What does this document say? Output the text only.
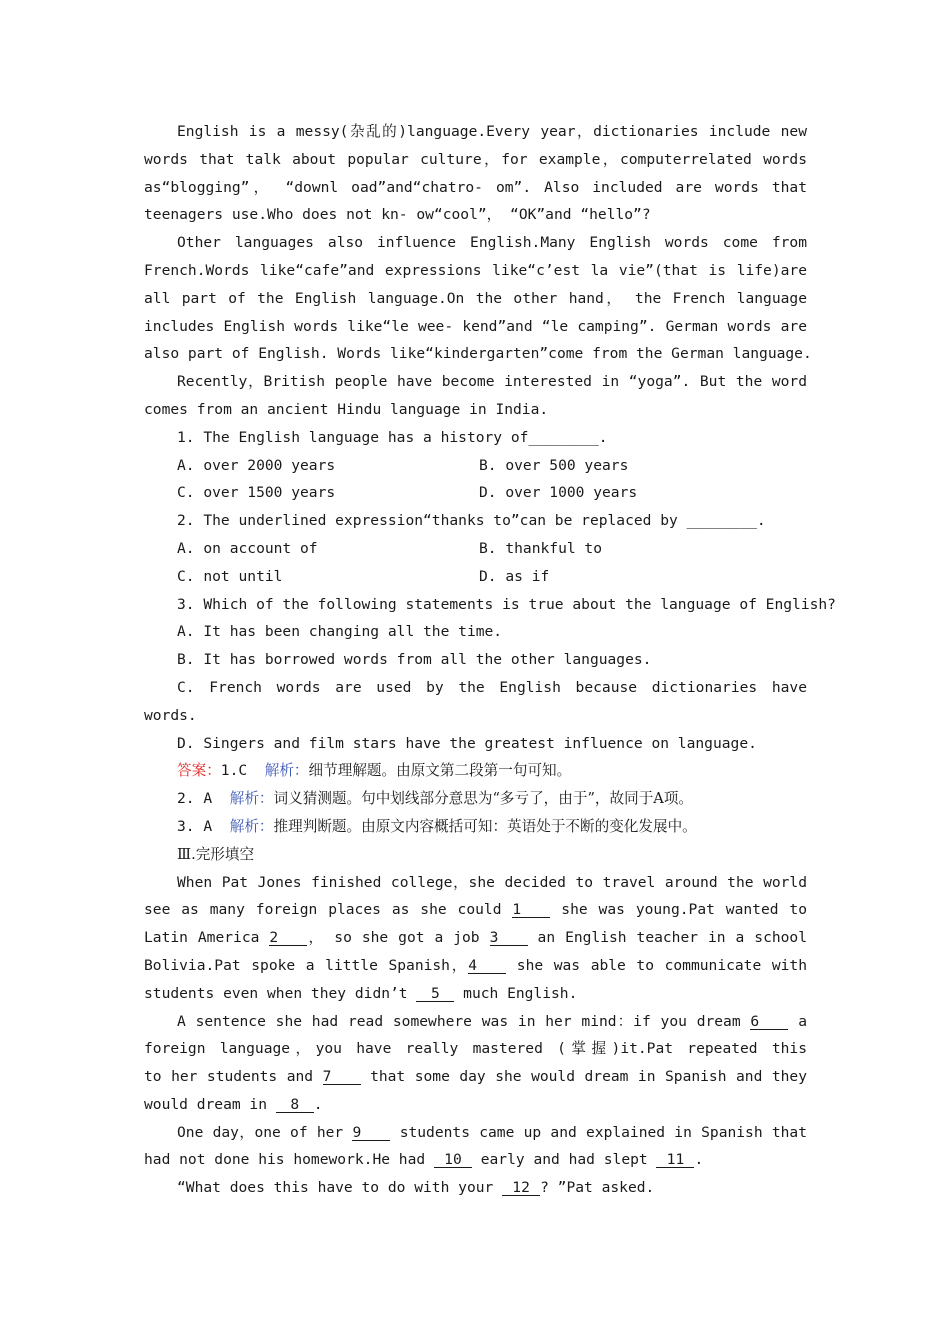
English is a messy(杂乱的)language.Every year，dictionaries include new
words that talk about popular culture，for example，computerrelated words
as“blogging”， “downl oad”and“chatro- om”. Also included are words that
teenagers use.Who does not kn- ow“cool”， “OK”and “hello”?
Other languages also influence English.Many English words come from
French.Words like“cafe”and expressions like“c’est la vie”(that is life)are
all part of the English language.On the other hand， the French language
includes English words like“le wee- kend”and “le camping”. German words are
also part of English. Words like“kindergarten”come from the German language.
Recently，British people have become interested in “yoga”. But the word
comes from an ancient Hindu language in India.
1. The English language has a history of________.
A. over 2000 years	B. over 500 years
C. over 1500 years	D. over 1000 years
2. The underlined expression“thanks to”can be replaced by ________.
A. on account of	B. thankful to
C. not until	D. as if
3. Which of the following statements is true about the language of English?
A. It has been changing all the time.
B. It has borrowed words from all the other languages.
C. French words are used by the English because dictionaries have
words.
D. Singers and film stars have the greatest influence on language.
答案：1.C 解析：细节理解题。由原文第二段第一句可知。
2. A 解析：词义猜测题。句中划线部分意思为“多亏了，由于”，故同于A项。
3. A 解析：推理判断题。由原文内容概括可知：英语处于不断的变化发展中。
Ⅲ.完形填空
When Pat Jones finished college，she decided to travel around the world
see as many foreign places as she could 1	she was young.Pat wanted to
Latin America 2 ， so she got a job 3	an English teacher in a school
Bolivia.Pat spoke a little Spanish，4	she was able to communicate with
students even when they didn’t 5 much English.
A sentence she had read somewhere was in her mind：if you dream 6 a
foreign language，you have really mastered (掌握)it.Pat repeated this
to her students and 7 that some day she would dream in Spanish and they
would dream in 8 .
One day，one of her 9	students came up and explained in Spanish that
had not done his homework.He had 10 early and had slept 11 .
“What does this have to do with your 12 ? ”Pat asked.
